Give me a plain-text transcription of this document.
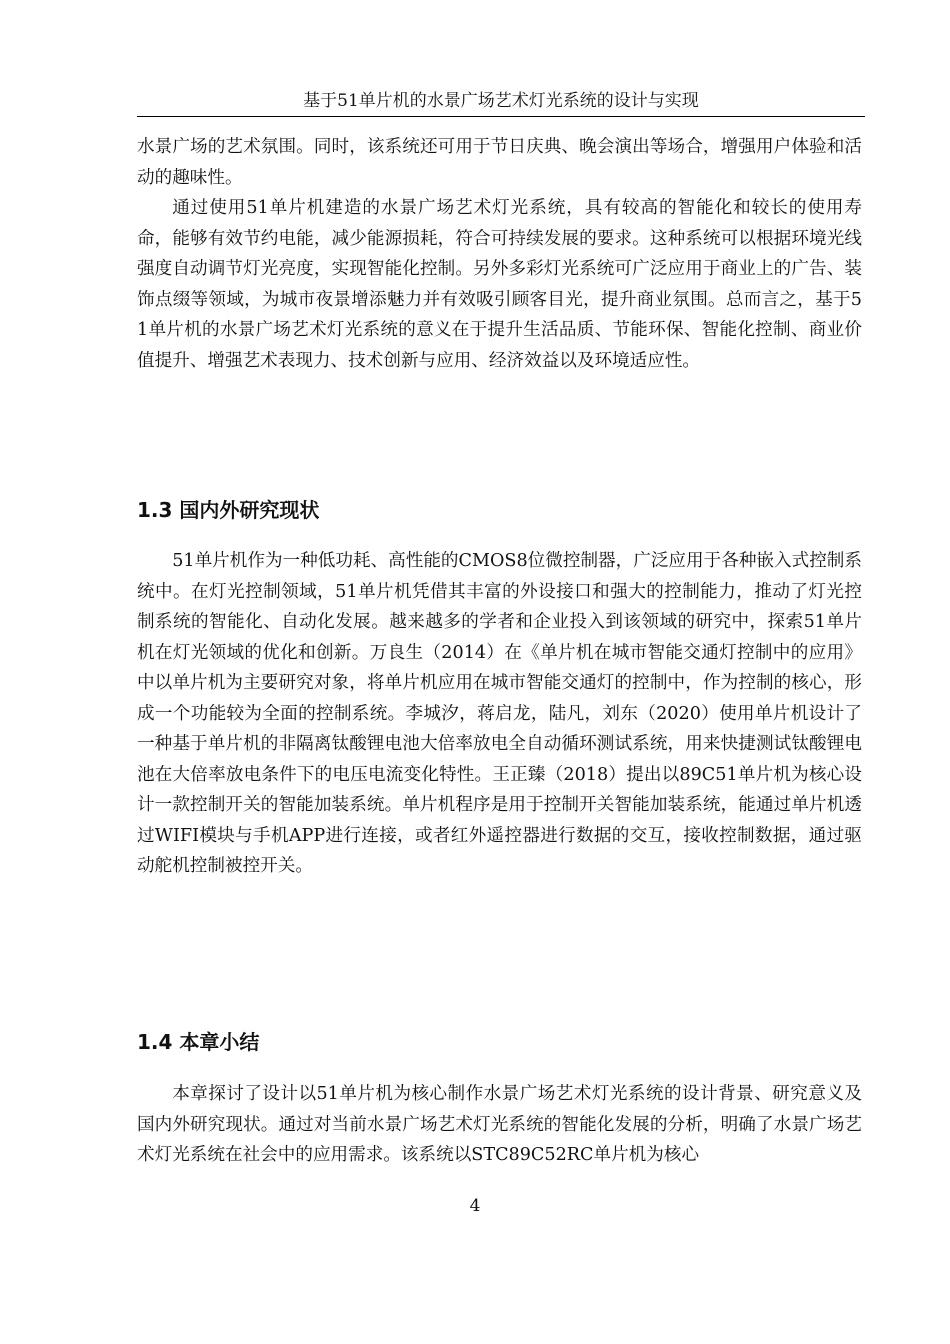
基于51单片机的水景广场艺术灯光系统的设计与实现

水景广场的艺术氛围。同时，该系统还可用于节日庆典、晚会演出等场合，增强用户体验和活动的趣味性。

通过使用51单片机建造的水景广场艺术灯光系统，具有较高的智能化和较长的使用寿命，能够有效节约电能，减少能源损耗，符合可持续发展的要求。这种系统可以根据环境光线强度自动调节灯光亮度，实现智能化控制。另外多彩灯光系统可广泛应用于商业上的广告、装饰点缀等领域，为城市夜景增添魅力并有效吸引顾客目光，提升商业氛围。总而言之，基于51单片机的水景广场艺术灯光系统的意义在于提升生活品质、节能环保、智能化控制、商业价值提升、增强艺术表现力、技术创新与应用、经济效益以及环境适应性。

1.3 国内外研究现状

51单片机作为一种低功耗、高性能的CMOS8位微控制器，广泛应用于各种嵌入式控制系统中。在灯光控制领域，51单片机凭借其丰富的外设接口和强大的控制能力，推动了灯光控制系统的智能化、自动化发展。越来越多的学者和企业投入到该领域的研究中，探索51单片机在灯光领域的优化和创新。万良生（2014）在《单片机在城市智能交通灯控制中的应用》中以单片机为主要研究对象，将单片机应用在城市智能交通灯的控制中，作为控制的核心，形成一个功能较为全面的控制系统。李城汐，蒋启龙，陆凡，刘东（2020）使用单片机设计了一种基于单片机的非隔离钛酸锂电池大倍率放电全自动循环测试系统，用来快捷测试钛酸锂电池在大倍率放电条件下的电压电流变化特性。王正臻（2018）提出以89C51单片机为核心设计一款控制开关的智能加装系统。单片机程序是用于控制开关智能加装系统，能通过单片机透过WIFI模块与手机APP进行连接，或者红外遥控器进行数据的交互，接收控制数据，通过驱动舵机控制被控开关。

1.4 本章小结

本章探讨了设计以51单片机为核心制作水景广场艺术灯光系统的设计背景、研究意义及国内外研究现状。通过对当前水景广场艺术灯光系统的智能化发展的分析，明确了水景广场艺术灯光系统在社会中的应用需求。该系统以STC89C52RC单片机为核心

4
